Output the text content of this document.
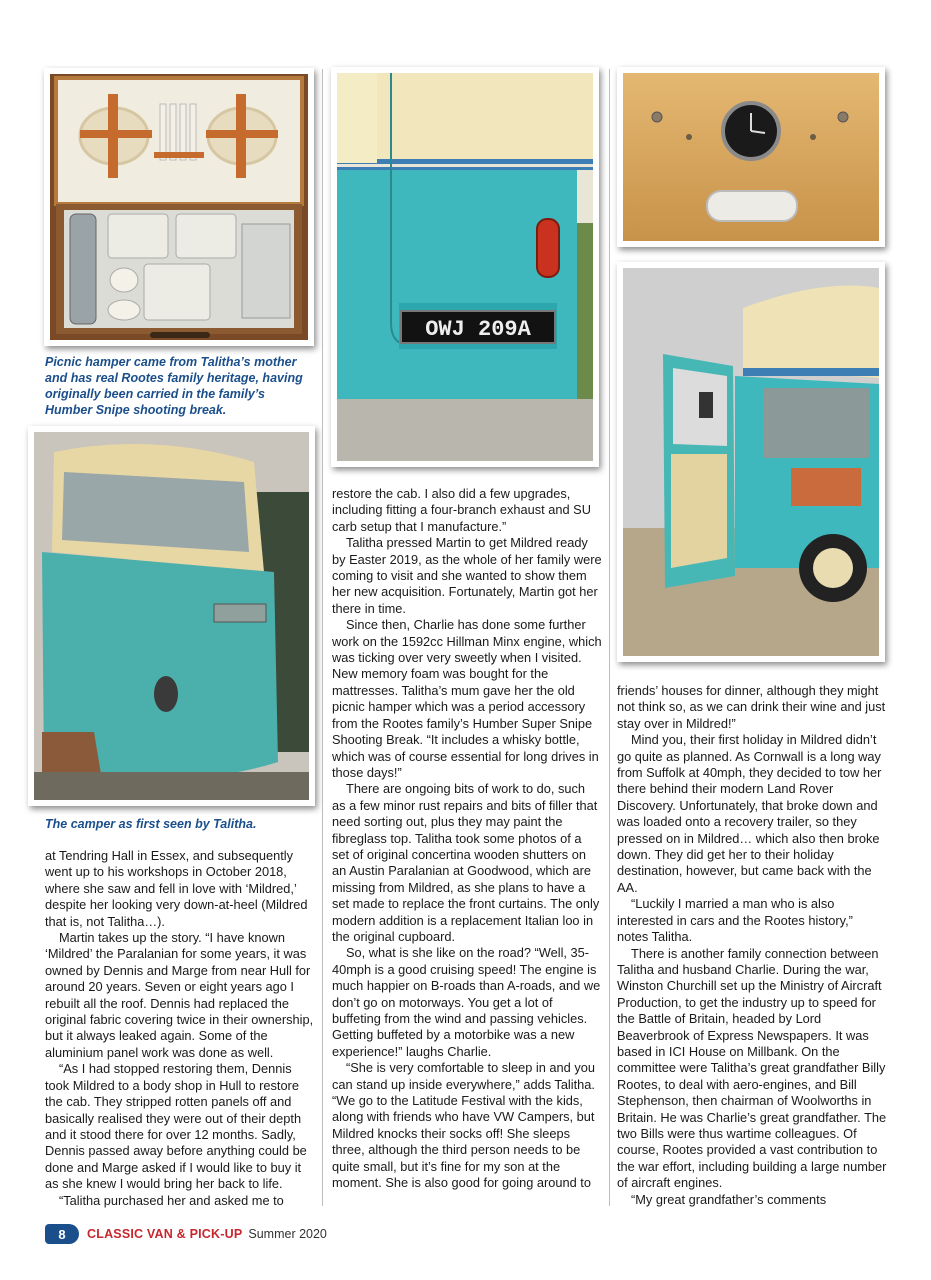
Picnic hamper came from Talitha’s mother and has real Rootes family heritage, having originally been carried in the family’s Humber Snipe shooting break.

OWJ 209A

The camper as first seen by Talitha.

at Tendring Hall in Essex, and subsequently went up to his workshops in October 2018, where she saw and fell in love with ‘Mildred,’ despite her looking very down-at-heel (Mildred that is, not Talitha…).

Martin takes up the story. “I have known ‘Mildred’ the Paralanian for some years, it was owned by Dennis and Marge from near Hull for around 20 years. Seven or eight years ago I rebuilt all the roof. Dennis had replaced the original fabric covering twice in their ownership, but it always leaked again. Some of the aluminium panel work was done as well.

“As I had stopped restoring them, Dennis took Mildred to a body shop in Hull to restore the cab. They stripped rotten panels off and basically realised they were out of their depth and it stood there for over 12 months. Sadly, Dennis passed away before anything could be done and Marge asked if I would like to buy it as she knew I would bring her back to life.

“Talitha purchased her and asked me to

restore the cab. I also did a few upgrades, including fitting a four-branch exhaust and SU carb setup that I manufacture.”

Talitha pressed Martin to get Mildred ready by Easter 2019, as the whole of her family were coming to visit and she wanted to show them her new acquisition. Fortunately, Martin got her there in time.

Since then, Charlie has done some further work on the 1592cc Hillman Minx engine, which was ticking over very sweetly when I visited. New memory foam was bought for the mattresses. Talitha’s mum gave her the old picnic hamper which was a period accessory from the Rootes family’s Humber Super Snipe Shooting Break. “It includes a whisky bottle, which was of course essential for long drives in those days!”

There are ongoing bits of work to do, such as a few minor rust repairs and bits of filler that need sorting out, plus they may paint the fibreglass top. Talitha took some photos of a set of original concertina wooden shutters on an Austin Paralanian at Goodwood, which are missing from Mildred, as she plans to have a set made to replace the front curtains. The only modern addition is a replacement Italian loo in the original cupboard.

So, what is she like on the road? “Well, 35-40mph is a good cruising speed! The engine is much happier on B-roads than A-roads, and we don’t go on motorways. You get a lot of buffeting from the wind and passing vehicles. Getting buffeted by a motorbike was a new experience!” laughs Charlie.

“She is very comfortable to sleep in and you can stand up inside everywhere,” adds Talitha. “We go to the Latitude Festival with the kids, along with friends who have VW Campers, but Mildred knocks their socks off! She sleeps three, although the third person needs to be quite small, but it’s fine for my son at the moment. She is also good for going around to

friends’ houses for dinner, although they might not think so, as we can drink their wine and just stay over in Mildred!”

Mind you, their first holiday in Mildred didn’t go quite as planned. As Cornwall is a long way from Suffolk at 40mph, they decided to tow her there behind their modern Land Rover Discovery. Unfortunately, that broke down and was loaded onto a recovery trailer, so they pressed on in Mildred… which also then broke down. They did get her to their holiday destination, however, but came back with the AA.

“Luckily I married a man who is also interested in cars and the Rootes history,” notes Talitha.

There is another family connection between Talitha and husband Charlie. During the war, Winston Churchill set up the Ministry of Aircraft Production, to get the industry up to speed for the Battle of Britain, headed by Lord Beaverbrook of Express Newspapers. It was based in ICI House on Millbank. On the committee were Talitha’s great grandfather Billy Rootes, to deal with aero-engines, and Bill Stephenson, then chairman of Woolworths in Britain. He was Charlie’s great grandfather. The two Bills were thus wartime colleagues. Of course, Rootes provided a vast contribution to the war effort, including building a large number of aircraft engines.

“My great grandfather’s comments

8	CLASSIC VAN & PICK-UP Summer 2020
